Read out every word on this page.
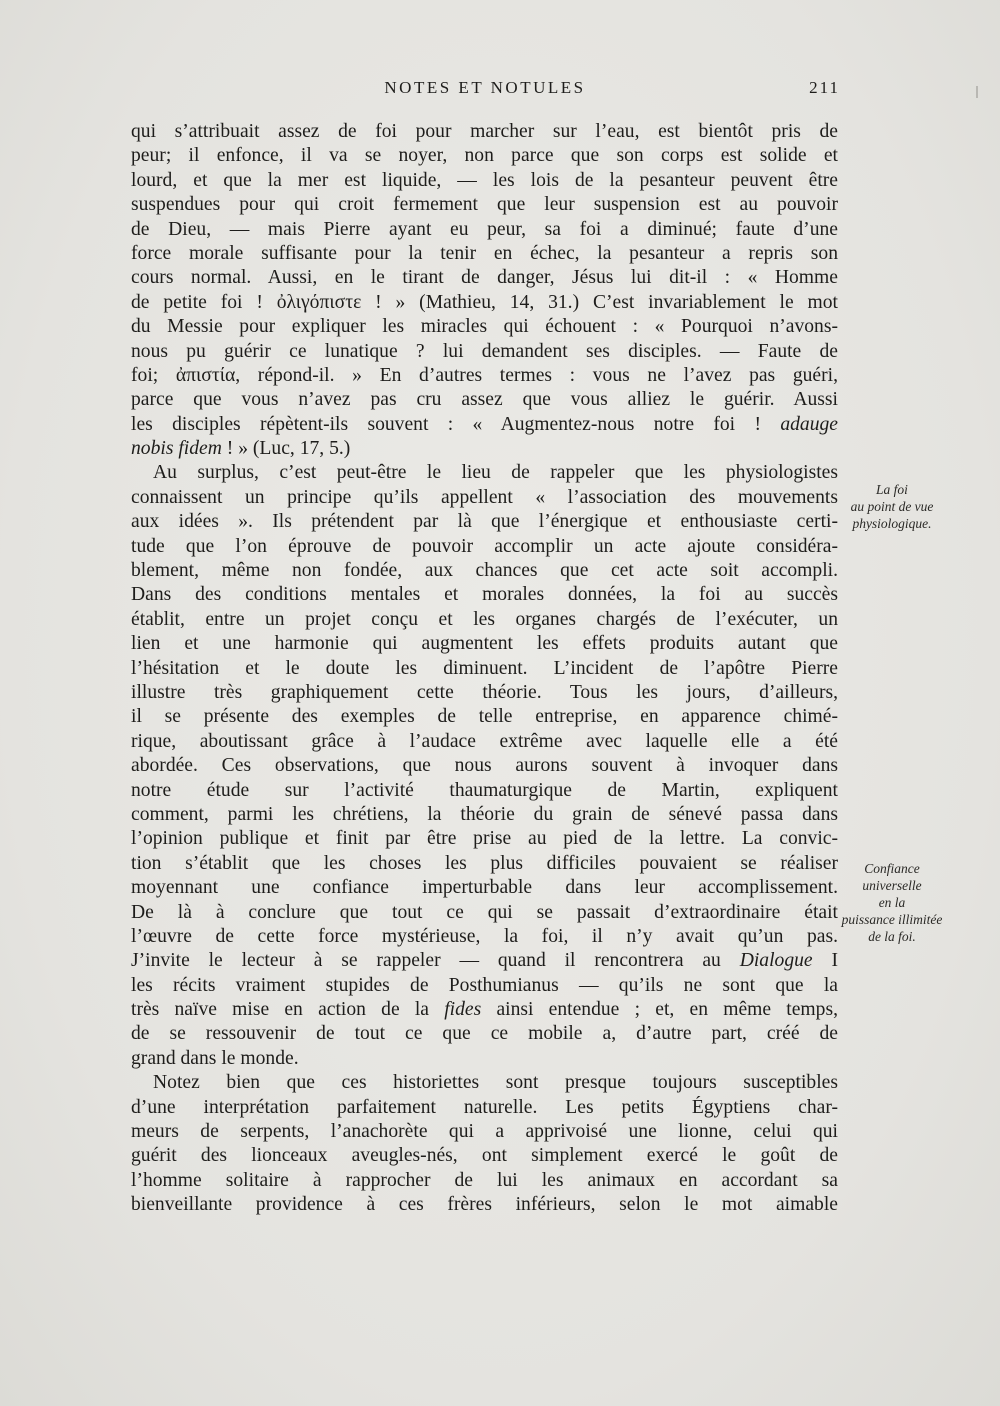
NOTES ET NOTULES	211
qui s’attribuait assez de foi pour marcher sur l’eau, est bientôt pris de
peur; il enfonce, il va se noyer, non parce que son corps est solide et
lourd, et que la mer est liquide, — les lois de la pesanteur peuvent être
suspendues pour qui croit fermement que leur suspension est au pouvoir
de Dieu, — mais Pierre ayant eu peur, sa foi a diminué; faute d’une
force morale suffisante pour la tenir en échec, la pesanteur a repris son
cours normal. Aussi, en le tirant de danger, Jésus lui dit-il : « Homme
de petite foi ! ὀλιγόπιστε ! » (Mathieu, 14, 31.) C’est invariablement le mot
du Messie pour expliquer les miracles qui échouent : « Pourquoi n’avons-
nous pu guérir ce lunatique ? lui demandent ses disciples. — Faute de
foi; ἀπιστία, répond-il. » En d’autres termes : vous ne l’avez pas guéri,
parce que vous n’avez pas cru assez que vous alliez le guérir. Aussi
les disciples répètent-ils souvent : « Augmentez-nous notre foi ! adauge
nobis fidem ! » (Luc, 17, 5.)
Au surplus, c’est peut-être le lieu de rappeler que les physiologistes
connaissent un principe qu’ils appellent « l’association des mouvements
aux idées ». Ils prétendent par là que l’énergique et enthousiaste certi-
tude que l’on éprouve de pouvoir accomplir un acte ajoute considéra-
blement, même non fondée, aux chances que cet acte soit accompli.
Dans des conditions mentales et morales données, la foi au succès
établit, entre un projet conçu et les organes chargés de l’exécuter, un
lien et une harmonie qui augmentent les effets produits autant que
l’hésitation et le doute les diminuent. L’incident de l’apôtre Pierre
illustre très graphiquement cette théorie. Tous les jours, d’ailleurs,
il se présente des exemples de telle entreprise, en apparence chimé-
rique, aboutissant grâce à l’audace extrême avec laquelle elle a été
abordée. Ces observations, que nous aurons souvent à invoquer dans
notre étude sur l’activité thaumaturgique de Martin, expliquent
comment, parmi les chrétiens, la théorie du grain de sénevé passa dans
l’opinion publique et finit par être prise au pied de la lettre. La convic-
tion s’établit que les choses les plus difficiles pouvaient se réaliser
moyennant une confiance imperturbable dans leur accomplissement.
De là à conclure que tout ce qui se passait d’extraordinaire était
l’œuvre de cette force mystérieuse, la foi, il n’y avait qu’un pas.
J’invite le lecteur à se rappeler — quand il rencontrera au Dialogue I
les récits vraiment stupides de Posthumianus — qu’ils ne sont que la
très naïve mise en action de la fides ainsi entendue ; et, en même temps,
de se ressouvenir de tout ce que ce mobile a, d’autre part, créé de
grand dans le monde.
Notez bien que ces historiettes sont presque toujours susceptibles
d’une interprétation parfaitement naturelle. Les petits Égyptiens char-
meurs de serpents, l’anachorète qui a apprivoisé une lionne, celui qui
guérit des lionceaux aveugles-nés, ont simplement exercé le goût de
l’homme solitaire à rapprocher de lui les animaux en accordant sa
bienveillante providence à ces frères inférieurs, selon le mot aimable
La foi
au point de vue
physiologique.
Confiance
universelle
en la
puissance illimitée
de la foi.
